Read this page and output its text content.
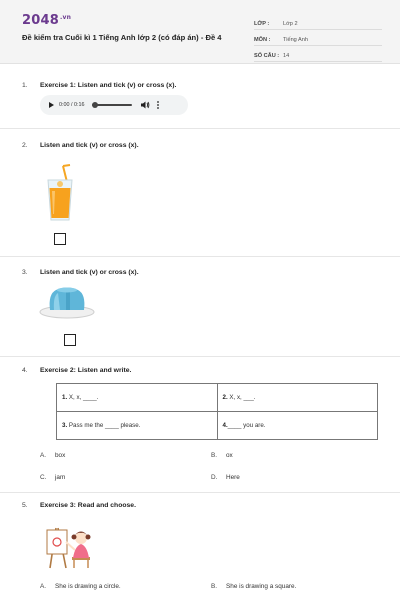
$2048^{.vn}$
Đề kiểm tra Cuối kì 1 Tiếng Anh lớp 2 (có đáp án) - Đề 4
LỚP :	Lớp 2
MÔN :	Tiếng Anh
SỐ CÂU : 14
1. Exercise 1: Listen and tick (v) or cross (x).
0:00 / 0:16
2. Listen and tick (v) or cross (x).
3. Listen and tick (v) or cross (x).
4. Exercise 2: Listen and write.
1. X, x, ____.	2. X, x, ___.
3. Pass me the ____ please.	4.____ you are.
A. box	B. ox
C. jam	D. Here
5. Exercise 3: Read and choose.
A. She is drawing a circle.	B. She is drawing a square.
